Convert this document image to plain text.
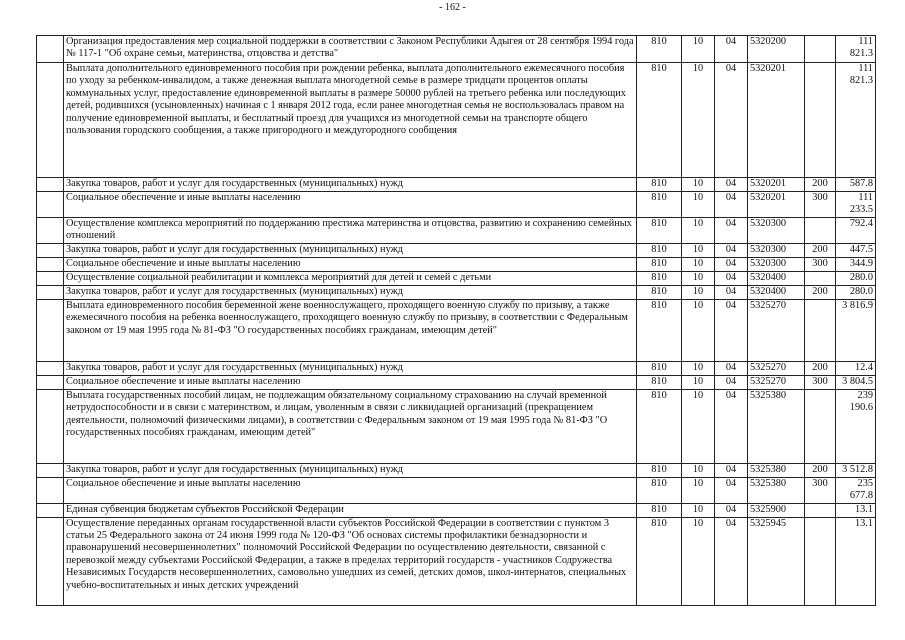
- 162 -
	Организация предоставления мер социальной поддержки в соответствии с Законом Республики Адыгея от 28 сентября 1994 года № 117-1 "Об охране семьи, материнства, отцовства и детства"	810	10	04	5320200		111 821.3
	Выплата дополнительного единовременного пособия при рождении ребенка, выплата дополнительного ежемесячного пособия по уходу за ребенком-инвалидом, а также денежная выплата многодетной семье в размере тридцати процентов оплаты коммунальных услуг, предоставление единовременной выплаты в размере 50000 рублей на третьего ребенка или последующих детей, родившихся (усыновленных) начиная с 1 января 2012 года, если ранее многодетная семья не воспользовалась правом на получение единовременной выплаты, и бесплатный проезд для учащихся из многодетной семьи на транспорте общего пользования городского сообщения, а также пригородного и междугородного сообщения	810	10	04	5320201		111 821.3
	Закупка товаров, работ и услуг для государственных (муниципальных) нужд	810	10	04	5320201	200	587.8
	Социальное обеспечение и иные выплаты населению	810	10	04	5320201	300	111 233.5
	Осуществление комплекса мероприятий по поддержанию престижа материнства и отцовства, развитию и сохранению семейных отношений	810	10	04	5320300		792.4
	Закупка товаров, работ и услуг для государственных (муниципальных) нужд	810	10	04	5320300	200	447.5
	Социальное обеспечение и иные выплаты населению	810	10	04	5320300	300	344.9
	Осуществление социальной реабилитации и комплекса мероприятий для детей и семей с детьми	810	10	04	5320400		280.0
	Закупка товаров, работ и услуг для государственных (муниципальных) нужд	810	10	04	5320400	200	280.0
	Выплата единовременного пособия беременной жене военнослужащего, проходящего военную службу по призыву, а также ежемесячного пособия на ребенка военнослужащего, проходящего военную службу по призыву, в соответствии с Федеральным законом от 19 мая 1995 года № 81-ФЗ "О государственных пособиях гражданам, имеющим детей"	810	10	04	5325270		3 816.9
	Закупка товаров, работ и услуг для государственных (муниципальных) нужд	810	10	04	5325270	200	12.4
	Социальное обеспечение и иные выплаты населению	810	10	04	5325270	300	3 804.5
	Выплата государственных пособий лицам, не подлежащим обязательному социальному страхованию на случай временной нетрудоспособности и в связи с материнством, и лицам, уволенным в связи с ликвидацией организаций (прекращением деятельности, полномочий физическими лицами), в соответствии с Федеральным законом от 19 мая 1995 года № 81-ФЗ "О государственных пособиях гражданам, имеющим детей"	810	10	04	5325380		239 190.6
	Закупка товаров, работ и услуг для государственных (муниципальных) нужд	810	10	04	5325380	200	3 512.8
	Социальное обеспечение и иные выплаты населению	810	10	04	5325380	300	235 677.8
	Единая субвенция бюджетам субъектов Российской Федерации	810	10	04	5325900		13.1
	Осуществление переданных органам государственной власти субъектов Российской Федерации в соответствии с пунктом 3 статьи 25 Федерального закона от 24 июня 1999 года № 120-ФЗ "Об основах системы профилактики безнадзорности и правонарушений несовершеннолетних" полномочий Российской Федерации по осуществлению деятельности, связанной с перевозкой между субъектами Российской Федерации, а также в пределах территорий государств - участников Содружества Независимых Государств несовершеннолетних, самовольно ушедших из семей, детских домов, школ-интернатов, специальных учебно-воспитательных и иных детских учреждений	810	10	04	5325945		13.1
